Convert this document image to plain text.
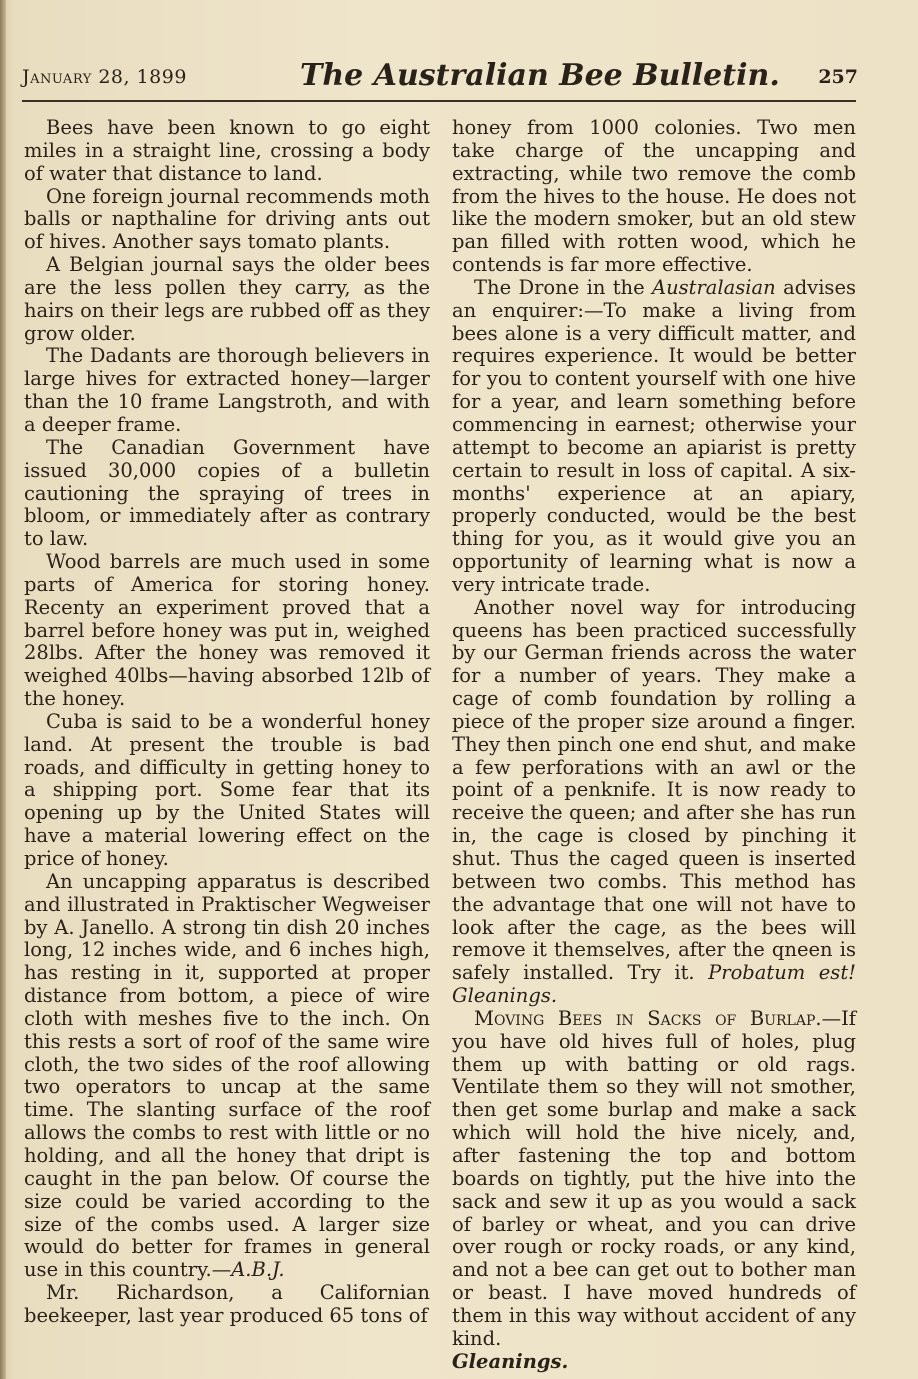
January 28, 1899	The Australian Bee Bulletin. 257

Bees have been known to go eight miles in a straight line, crossing a body of water that distance to land.

One foreign journal recommends moth balls or napthaline for driving ants out of hives. Another says tomato plants.

A Belgian journal says the older bees are the less pollen they carry, as the hairs on their legs are rubbed off as they grow older.

The Dadants are thorough believers in large hives for extracted honey—larger than the 10 frame Langstroth, and with a deeper frame.

The Canadian Government have issued 30,000 copies of a bulletin cautioning the spraying of trees in bloom, or immediately after as contrary to law.

Wood barrels are much used in some parts of America for storing honey. Recenty an experiment proved that a barrel before honey was put in, weighed 28lbs. After the honey was removed it weighed 40lbs—having absorbed 12lb of the honey.

Cuba is said to be a wonderful honey land. At present the trouble is bad roads, and difficulty in getting honey to a shipping port. Some fear that its opening up by the United States will have a material lowering effect on the price of honey.

An uncapping apparatus is described and illustrated in Praktischer Wegweiser by A. Janello. A strong tin dish 20 inches long, 12 inches wide, and 6 inches high, has resting in it, supported at proper distance from bottom, a piece of wire cloth with meshes five to the inch. On this rests a sort of roof of the same wire cloth, the two sides of the roof allowing two operators to uncap at the same time. The slanting surface of the roof allows the combs to rest with little or no holding, and all the honey that dript is caught in the pan below. Of course the size could be varied according to the size of the combs used. A larger size would do better for frames in general use in this country.—A.B.J.

Mr. Richardson, a Californian beekeeper, last year produced 65 tons of

honey from 1000 colonies. Two men take charge of the uncapping and extracting, while two remove the comb from the hives to the house. He does not like the modern smoker, but an old stew pan filled with rotten wood, which he contends is far more effective.

The Drone in the Australasian advises an enquirer:—To make a living from bees alone is a very difficult matter, and requires experience. It would be better for you to content yourself with one hive for a year, and learn something before commencing in earnest; otherwise your attempt to become an apiarist is pretty certain to result in loss of capital. A six-months' experience at an apiary, properly conducted, would be the best thing for you, as it would give you an opportunity of learning what is now a very intricate trade.

Another novel way for introducing queens has been practiced successfully by our German friends across the water for a number of years. They make a cage of comb foundation by rolling a piece of the proper size around a finger. They then pinch one end shut, and make a few perforations with an awl or the point of a penknife. It is now ready to receive the queen; and after she has run in, the cage is closed by pinching it shut. Thus the caged queen is inserted between two combs. This method has the advantage that one will not have to look after the cage, as the bees will remove it themselves, after the qneen is safely installed. Try it. Probatum est! Gleanings.

Moving Bees in Sacks of Burlap.—If you have old hives full of holes, plug them up with batting or old rags. Ventilate them so they will not smother, then get some burlap and make a sack which will hold the hive nicely, and, after fastening the top and bottom boards on tightly, put the hive into the sack and sew it up as you would a sack of barley or wheat, and you can drive over rough or rocky roads, or any kind, and not a bee can get out to bother man or beast. I have moved hundreds of them in this way without accident of any kind.

Gleanings.
